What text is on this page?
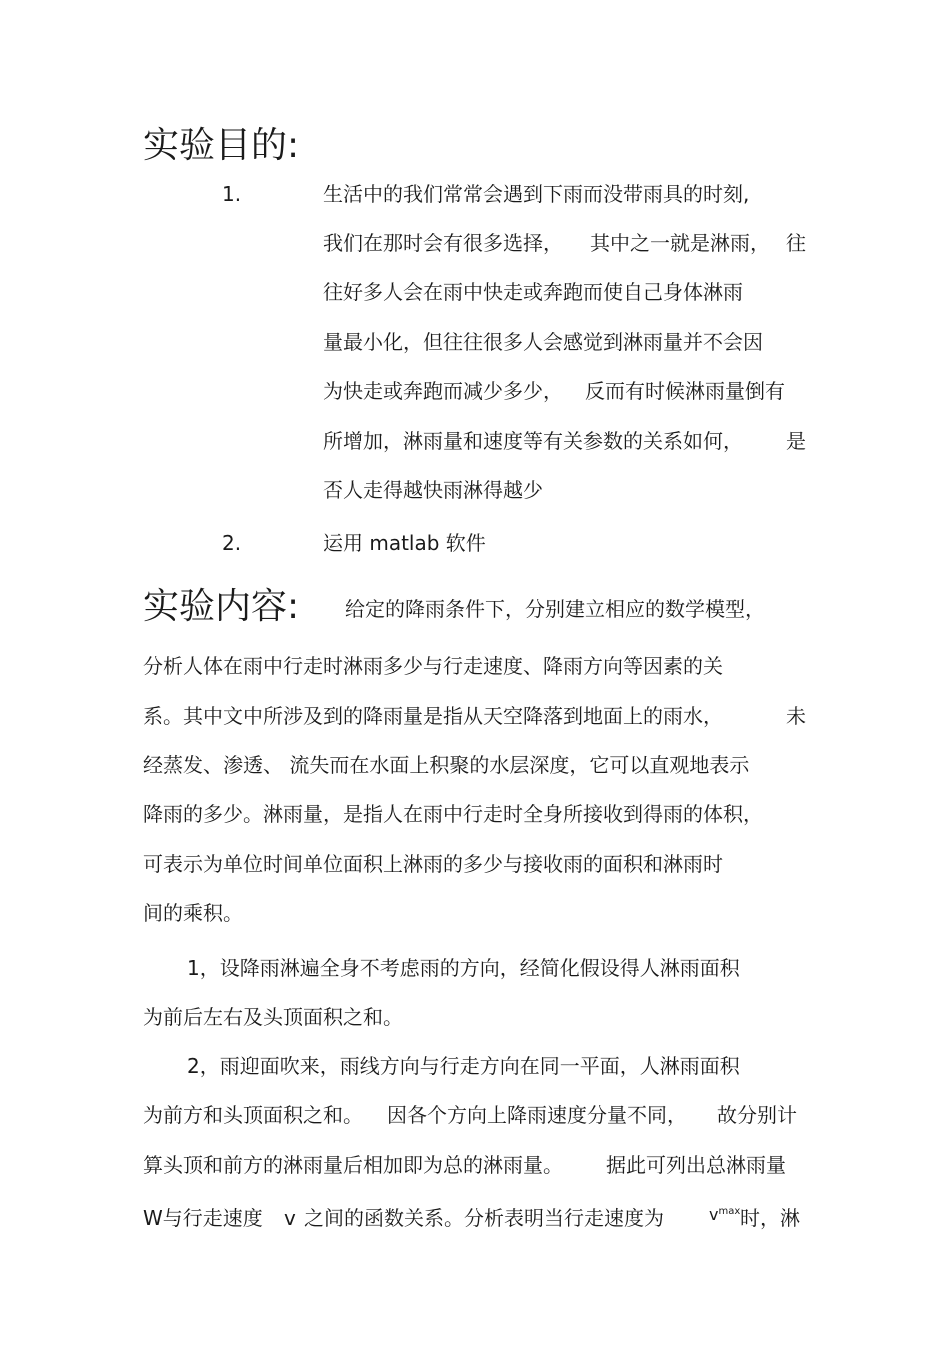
实验目的:
1.	生活中的我们常常会遇到下雨而没带雨具的时刻,
我们在那时会有很多选择， 其中之一就是淋雨， 往
往好多人会在雨中快走或奔跑而使自己身体淋雨
量最小化，但往往很多人会感觉到淋雨量并不会因
为快走或奔跑而减少多少， 反而有时候淋雨量倒有
所增加，淋雨量和速度等有关参数的关系如何， 是
否人走得越快雨淋得越少
2.	运用 matlab 软件
实验内容: 给定的降雨条件下，分别建立相应的数学模型，
分析人体在雨中行走时淋雨多少与行走速度、降雨方向等因素的关
系。其中文中所涉及到的降雨量是指从天空降落到地面上的雨水，	未
经蒸发、渗透、 流失而在水面上积聚的水层深度，它可以直观地表示
降雨的多少。淋雨量，是指人在雨中行走时全身所接收到得雨的体积，
可表示为单位时间单位面积上淋雨的多少与接收雨的面积和淋雨时
间的乘积。
1，设降雨淋遍全身不考虑雨的方向，经简化假设得人淋雨面积
为前后左右及头顶面积之和。
2，雨迎面吹来，雨线方向与行走方向在同一平面，人淋雨面积
为前方和头顶面积之和。 因各个方向上降雨速度分量不同， 故分别计
算头顶和前方的淋雨量后相加即为总的淋雨量。 据此可列出总淋雨量
W与行走速度 v 之间的函数关系。分析表明当行走速度为	$v^{max}$ 时，淋
